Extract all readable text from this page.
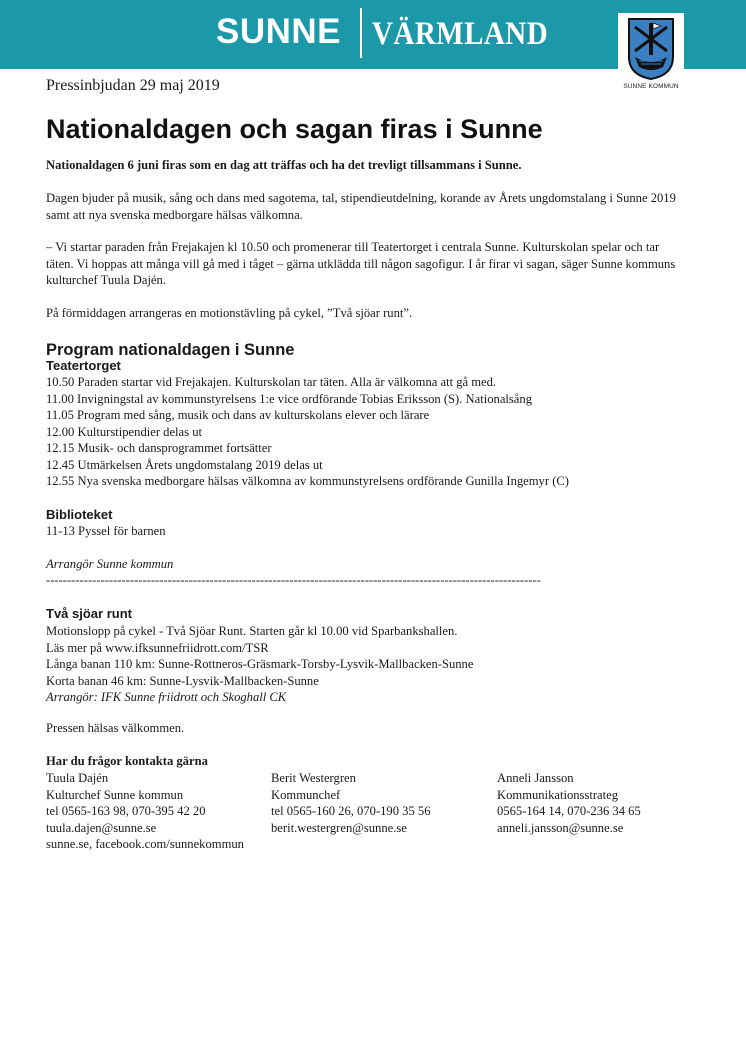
SUNNE VÄRMLAND
SUNNE KOMMUN
Pressinbjudan 29 maj 2019
Nationaldagen och sagan firas i Sunne
Nationaldagen 6 juni firas som en dag att träffas och ha det trevligt tillsammans i Sunne.
Dagen bjuder på musik, sång och dans med sagotema, tal, stipendieutdelning, korande av Årets ungdomstalang i Sunne 2019 samt att nya svenska medborgare hälsas välkomna.
– Vi startar paraden från Frejakajen kl 10.50 och promenerar till Teatertorget i centrala Sunne. Kulturskolan spelar och tar täten. Vi hoppas att många vill gå med i tåget – gärna utklädda till någon sagofigur. I år firar vi sagan, säger Sunne kommuns kulturchef Tuula Dajén.
På förmiddagen arrangeras en motionstävling på cykel, ”Två sjöar runt”.
Program nationaldagen i Sunne
Teatertorget
10.50 Paraden startar vid Frejakajen. Kulturskolan tar täten. Alla är välkomna att gå med.
11.00 Invigningstal av kommunstyrelsens 1:e vice ordförande Tobias Eriksson (S). Nationalsång
11.05 Program med sång, musik och dans av kulturskolans elever och lärare
12.00 Kulturstipendier delas ut
12.15 Musik- och dansprogrammet fortsätter
12.45 Utmärkelsen Årets ungdomstalang 2019 delas ut
12.55 Nya svenska medborgare hälsas välkomna av kommunstyrelsens ordförande Gunilla Ingemyr (C)
Biblioteket
11-13 Pyssel för barnen
Arrangör Sunne kommun
----------------------------------------------------------------------------------------------------------------------
Två sjöar runt
Motionslopp på cykel - Två Sjöar Runt. Starten går kl 10.00 vid Sparbankshallen.
Läs mer på www.ifksunnefriidrott.com/TSR
Långa banan 110 km: Sunne-Rottneros-Gräsmark-Torsby-Lysvik-Mallbacken-Sunne
Korta banan 46 km: Sunne-Lysvik-Mallbacken-Sunne
Arrangör: IFK Sunne friidrott och Skoghall CK
Pressen hälsas välkommen.
Har du frågor kontakta gärna
Tuula Dajén
Kulturchef Sunne kommun
tel 0565-163 98, 070-395 42 20
tuula.dajen@sunne.se
sunne.se, facebook.com/sunnekommun
Berit Westergren
Kommunchef
tel 0565-160 26, 070-190 35 56
berit.westergren@sunne.se
Anneli Jansson
Kommunikationsstrateg
0565-164 14, 070-236 34 65
anneli.jansson@sunne.se
